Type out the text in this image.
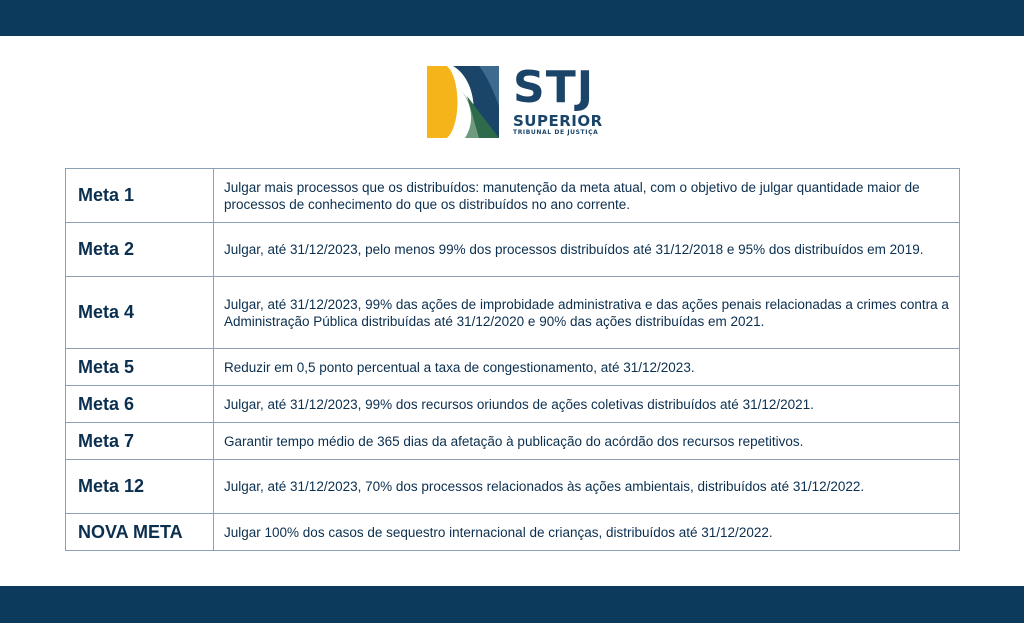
STJ
SUPERIOR
TRIBUNAL DE JUSTIÇA
Meta 1	Julgar mais processos que os distribuídos: manutenção da meta atual, com o objetivo de julgar quantidade maior de processos de conhecimento do que os distribuídos no ano corrente.
Meta 2	Julgar, até 31/12/2023, pelo menos 99% dos processos distribuídos até 31/12/2018 e 95% dos distribuídos em 2019.
Meta 4	Julgar, até 31/12/2023, 99% das ações de improbidade administrativa e das ações penais relacionadas a crimes contra a Administração Pública distribuídas até 31/12/2020 e 90% das ações distribuídas em 2021.
Meta 5	Reduzir em 0,5 ponto percentual a taxa de congestionamento, até 31/12/2023.
Meta 6	Julgar, até 31/12/2023, 99% dos recursos oriundos de ações coletivas distribuídos até 31/12/2021.
Meta 7	Garantir tempo médio de 365 dias da afetação à publicação do acórdão dos recursos repetitivos.
Meta 12	Julgar, até 31/12/2023, 70% dos processos relacionados às ações ambientais, distribuídos até 31/12/2022.
NOVA META	Julgar 100% dos casos de sequestro internacional de crianças, distribuídos até 31/12/2022.
